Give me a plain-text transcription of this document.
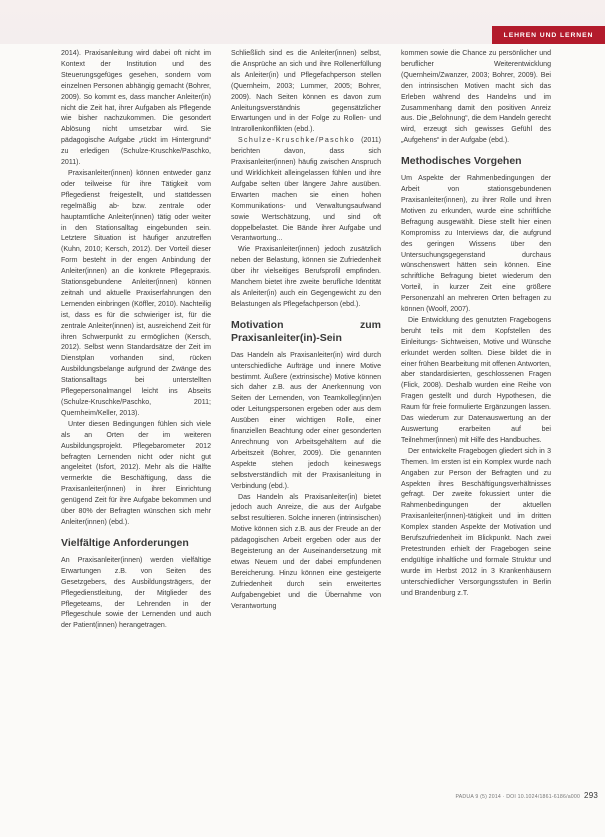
LEHREN UND LERNEN

2014). Praxisanleitung wird dabei oft nicht im Kontext der Institution und des Steuerungsgefüges gesehen, sondern vom einzelnen Personen abhängig gemacht (Bohrer, 2009). So kommt es, dass mancher Anleiter(in) nicht die Zeit hat, ihrer Aufgaben als Pflegende wie bisher nachzukommen. Die gesondert Ablösung nicht umsetzbar wird. Sie pädagogische Aufgabe „rückt im Hintergrund“ zu erledigen (Schulze-Kruschke/Paschko, 2011).

Praxisanleiter(innen) können entweder ganz oder teilweise für ihre Tätigkeit vom Pflegedienst freigestellt, und stattdessen regelmäßig ab- bzw. zentrale oder hauptamtliche Anleiter(innen) tätig oder weiter in den Stationsalltag eingebunden sein. Letztere Situation ist häufiger anzutreffen (Kuhn, 2010; Kersch, 2012). Der Vorteil dieser Form besteht in der engen Anbindung der Anleiter(innen) an die konkrete Pflegepraxis. Stationsgebundene Anleiter(innen) können zeitnah und aktuelle Praxiserfahrungen den Lernenden einbringen (Köffler, 2010). Nachteilig ist, dass es für die schwieriger ist, für die zentrale Anleiter(innen) ist, ausreichend Zeit für ihren Schwerpunkt zu ermöglichen (Kersch, 2012). Selbst wenn Standardsätze der Zeit im Dienstplan vorhanden sind, rücken Ausbildungsbelange aufgrund der Zwänge des Stationsalltags bei unterstellten Pflegepersonalmangel leicht ins Abseits (Schulze-Kruschke/Paschko, 2011; Quernheim/Keller, 2013).

Unter diesen Bedingungen fühlen sich viele als an Orten der im weiteren Ausbildungsprojekt. Pflegebarometer 2012 befragten Lernenden nicht oder nicht gut angeleitet (Isfort, 2012). Mehr als die Hälfte vermerkte die Beschäftigung, dass die Praxisanleiter(innen) in ihrer Einrichtung genügend Zeit für ihre Aufgabe bekommen und über 80% der Befragten wünschen sich mehr Anleiter(innen) (ebd.).

Vielfältige Anforderungen

An Praxisanleiter(innen) werden vielfältige Erwartungen z.B. von Seiten des Gesetzgebers, des Ausbildungsträgers, der Pflegedienstleitung, der Mitglieder des Pflegeteams, der Lehrenden in der Pflegeschule sowie der Lernenden und auch der Patient(innen) herangetragen.

Schließlich sind es die Anleiter(innen) selbst, die Ansprüche an sich und ihre Rollenerfüllung als Anleiter(in) und Pflegefachperson stellen (Quernheim, 2003; Lummer, 2005; Bohrer, 2009). Nach Seiten können es davon zum Anleitungsverständnis gegensätzlicher Erwartungen und in der Folge zu Rollen- und Intrarollenkonflikten (ebd.).

Schulze-Kruschke/Paschko (2011) berichten davon, dass sich Praxisanleiter(innen) häufig zwischen Anspruch und Wirklichkeit alleingelassen fühlen und ihre Aufgabe selten über längere Jahre ausüben. Erwarten machen sie einen hohen Kommunikations- und Verwaltungsaufwand sowie Wertschätzung, und sind oft doppelbelastet. Die Bände ihrer Aufgabe und Verantwortung...

Wie Praxisanleiter(innen) jedoch zusätzlich neben der Belastung, können sie Zufriedenheit über ihr vielseitiges Berufsprofil empfinden. Manchem bietet ihre zweite berufliche Identität als Anleiter(in) auch ein Gegengewicht zu den Belastungen als Pflegefachperson (ebd.).

Motivation zum Praxisanleiter(in)-Sein

Das Handeln als Praxisanleiter(in) wird durch unterschiedliche Aufträge und innere Motive bestimmt. Äußere (extrinsische) Motive können sich daher z.B. aus der Anerkennung von Seiten der Lernenden, von Teamkolleg(inn)en oder Leitungspersonen ergeben oder aus dem Ausüben einer wichtigen Rolle, einer finanziellen Beachtung oder einer gesonderten Anrechnung von Arbeitsgehältern auf die Arbeitszeit (Bohrer, 2009). Die genannten Aspekte stehen jedoch keineswegs selbstverständlich mit der Praxisanleitung in Verbindung (ebd.).

Das Handeln als Praxisanleiter(in) bietet jedoch auch Anreize, die aus der Aufgabe selbst resultieren. Solche inneren (intrinsischen) Motive können sich z.B. aus der Freude an der pädagogischen Arbeit ergeben oder aus der Begeisterung an der Auseinandersetzung mit etwas Neuem und der dabei empfundenen Bereicherung. Hinzu können eine gesteigerte Zufriedenheit durch sein erweitertes Aufgabengebiet und die Übernahme von Verantwortung

kommen sowie die Chance zu persönlicher und beruflicher Weiterentwicklung (Quernheim/Zwanzer, 2003; Bohrer, 2009). Bei den intrinsischen Motiven macht sich das Erleben während des Handelns und im Zusammenhang damit den positiven Anreiz aus. Die „Belohnung“, die dem Handeln gerecht wird, erzeugt sich gewisses Gefühl des „Aufgehens“ in der Aufgabe (ebd.).

Methodisches Vorgehen

Um Aspekte der Rahmenbedingungen der Arbeit von stationsgebundenen Praxisanleiter(innen), zu ihrer Rolle und ihren Motiven zu erkunden, wurde eine schriftliche Befragung ausgewählt. Diese stellt hier einen Kompromiss zu Interviews dar, die aufgrund des geringen Wissens über den Untersuchungsgegenstand durchaus wünschenswert hätten sein können. Eine schriftliche Befragung bietet wiederum den Vorteil, in kurzer Zeit eine größere Personenzahl an mehreren Orten befragen zu können (Woolf, 2007).

Die Entwicklung des genutzten Fragebogens beruht teils mit dem Kopfstellen des Einleitungs- Sichtweisen, Motive und Wünsche erkundet werden sollten. Diese bildet die in einer frühen Bearbeitung mit offenen Antworten, aber standardisierten, geschlossenen Fragen (Flick, 2008). Deshalb wurden eine Reihe von Fragen gestellt und durch Hypothesen, die Raum für freie formulierte Ergänzungen lassen. Das wiederum zur Datenauswertung an der Auswertung erarbeiten auf bei Teilnehmer(innen) mit Hilfe des Handbuches.

Der entwickelte Fragebogen gliedert sich in 3 Themen. Im ersten ist ein Komplex wurde nach Angaben zur Person der Befragten und zu Aspekten ihres Beschäftigungsverhältnisses gefragt. Der zweite fokussiert unter die Rahmenbedingungen der aktuellen Praxisanleiter(innen)-tätigkeit und im dritten Komplex standen Aspekte der Motivation und Berufszufriedenheit im Blickpunkt. Nach zwei Pretestrunden erhielt der Fragebogen seine endgültige inhaltliche und formale Struktur und wurde im Herbst 2012 in 3 Krankenhäusern unterschiedlicher Versorgungsstufen in Berlin und Brandenburg z.T.

PADUA 9 (5) 2014 · DOI 10.1024/1861-6186/a000 293
